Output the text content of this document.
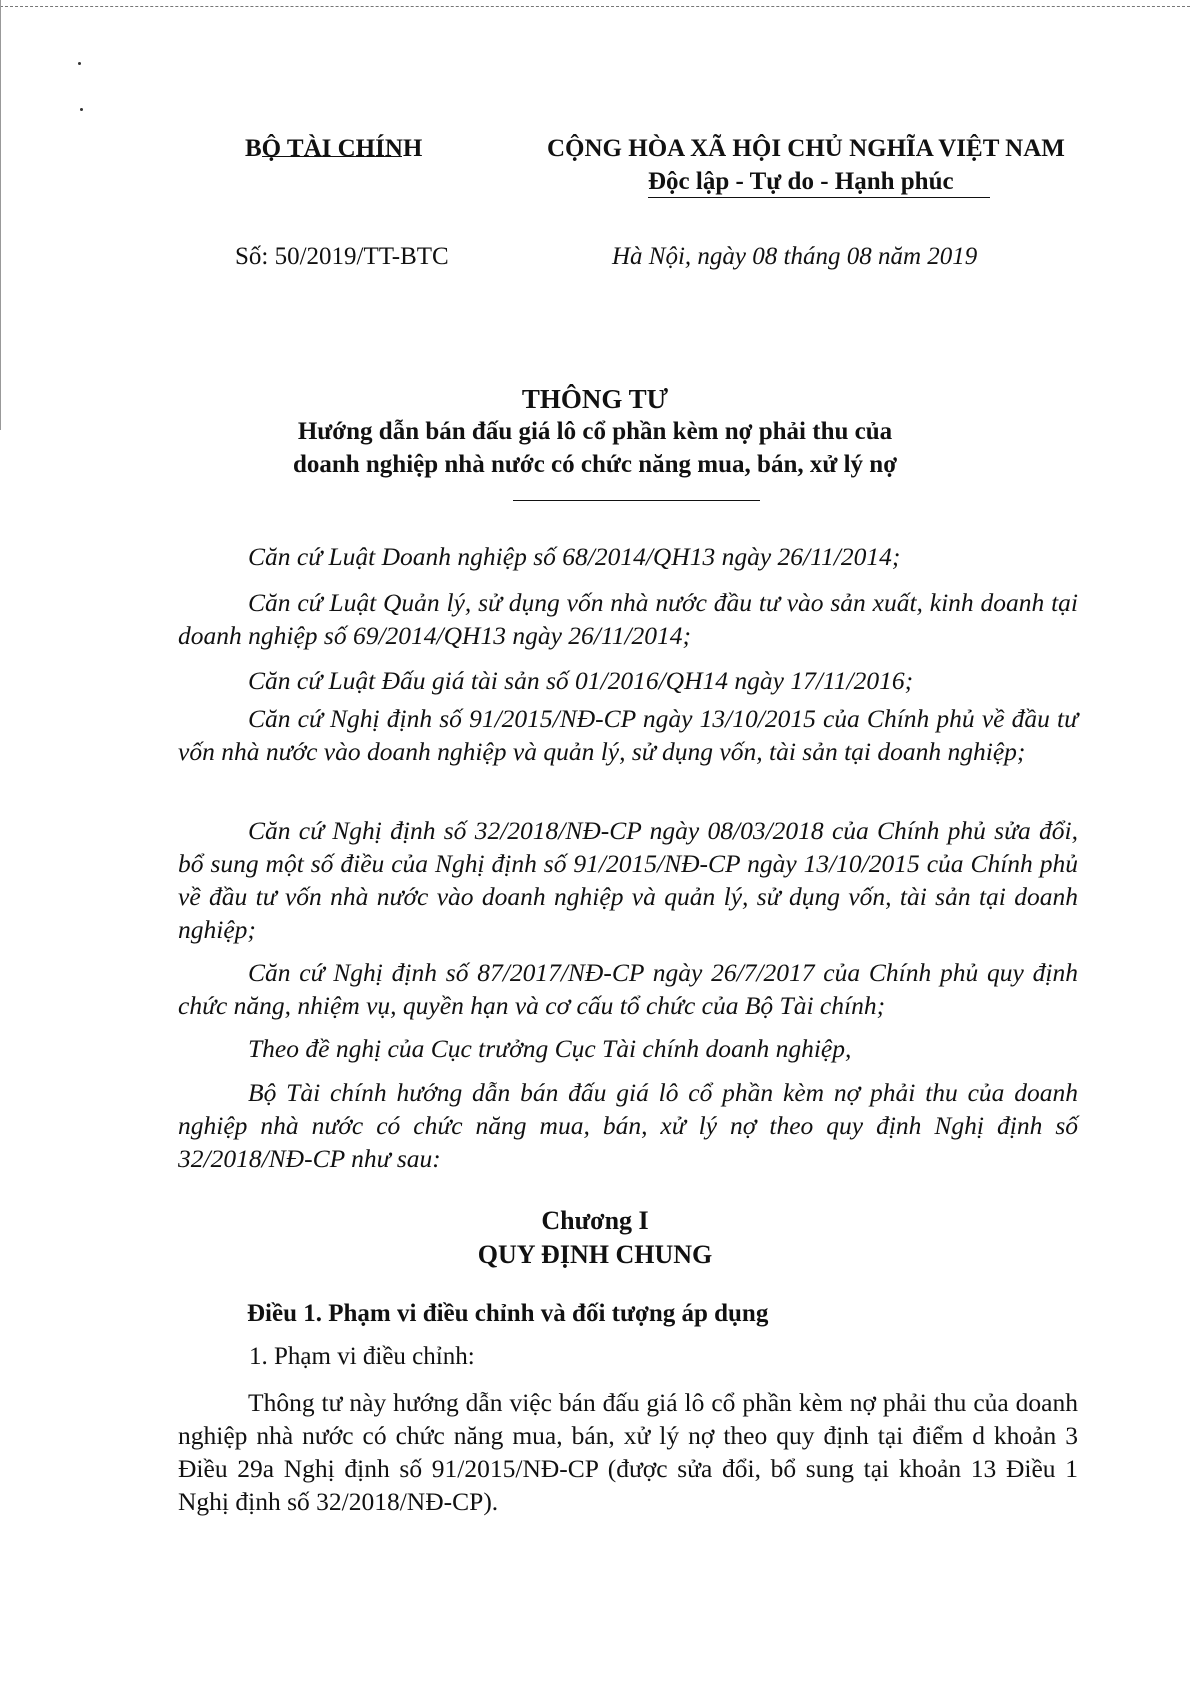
BỘ TÀI CHÍNH	CỘNG HÒA XÃ HỘI CHỦ NGHĨA VIỆT NAM
Độc lập - Tự do - Hạnh phúc
Số: 50/2019/TT-BTC	Hà Nội, ngày 08 tháng 08 năm 2019
THÔNG TƯ
Hướng dẫn bán đấu giá lô cổ phần kèm nợ phải thu của
doanh nghiệp nhà nước có chức năng mua, bán, xử lý nợ
Căn cứ Luật Doanh nghiệp số 68/2014/QH13 ngày 26/11/2014;
Căn cứ Luật Quản lý, sử dụng vốn nhà nước đầu tư vào sản xuất, kinh doanh tại doanh nghiệp số 69/2014/QH13 ngày 26/11/2014;
Căn cứ Luật Đấu giá tài sản số 01/2016/QH14 ngày 17/11/2016;
Căn cứ Nghị định số 91/2015/NĐ-CP ngày 13/10/2015 của Chính phủ về đầu tư vốn nhà nước vào doanh nghiệp và quản lý, sử dụng vốn, tài sản tại doanh nghiệp;
Căn cứ Nghị định số 32/2018/NĐ-CP ngày 08/03/2018 của Chính phủ sửa đổi, bổ sung một số điều của Nghị định số 91/2015/NĐ-CP ngày 13/10/2015 của Chính phủ về đầu tư vốn nhà nước vào doanh nghiệp và quản lý, sử dụng vốn, tài sản tại doanh nghiệp;
Căn cứ Nghị định số 87/2017/NĐ-CP ngày 26/7/2017 của Chính phủ quy định chức năng, nhiệm vụ, quyền hạn và cơ cấu tổ chức của Bộ Tài chính;
Theo đề nghị của Cục trưởng Cục Tài chính doanh nghiệp,
Bộ Tài chính hướng dẫn bán đấu giá lô cổ phần kèm nợ phải thu của doanh nghiệp nhà nước có chức năng mua, bán, xử lý nợ theo quy định Nghị định số 32/2018/NĐ-CP như sau:
Chương I
QUY ĐỊNH CHUNG
Điều 1. Phạm vi điều chỉnh và đối tượng áp dụng
1. Phạm vi điều chỉnh:
Thông tư này hướng dẫn việc bán đấu giá lô cổ phần kèm nợ phải thu của doanh nghiệp nhà nước có chức năng mua, bán, xử lý nợ theo quy định tại điểm d khoản 3 Điều 29a Nghị định số 91/2015/NĐ-CP (được sửa đổi, bổ sung tại khoản 13 Điều 1 Nghị định số 32/2018/NĐ-CP).
